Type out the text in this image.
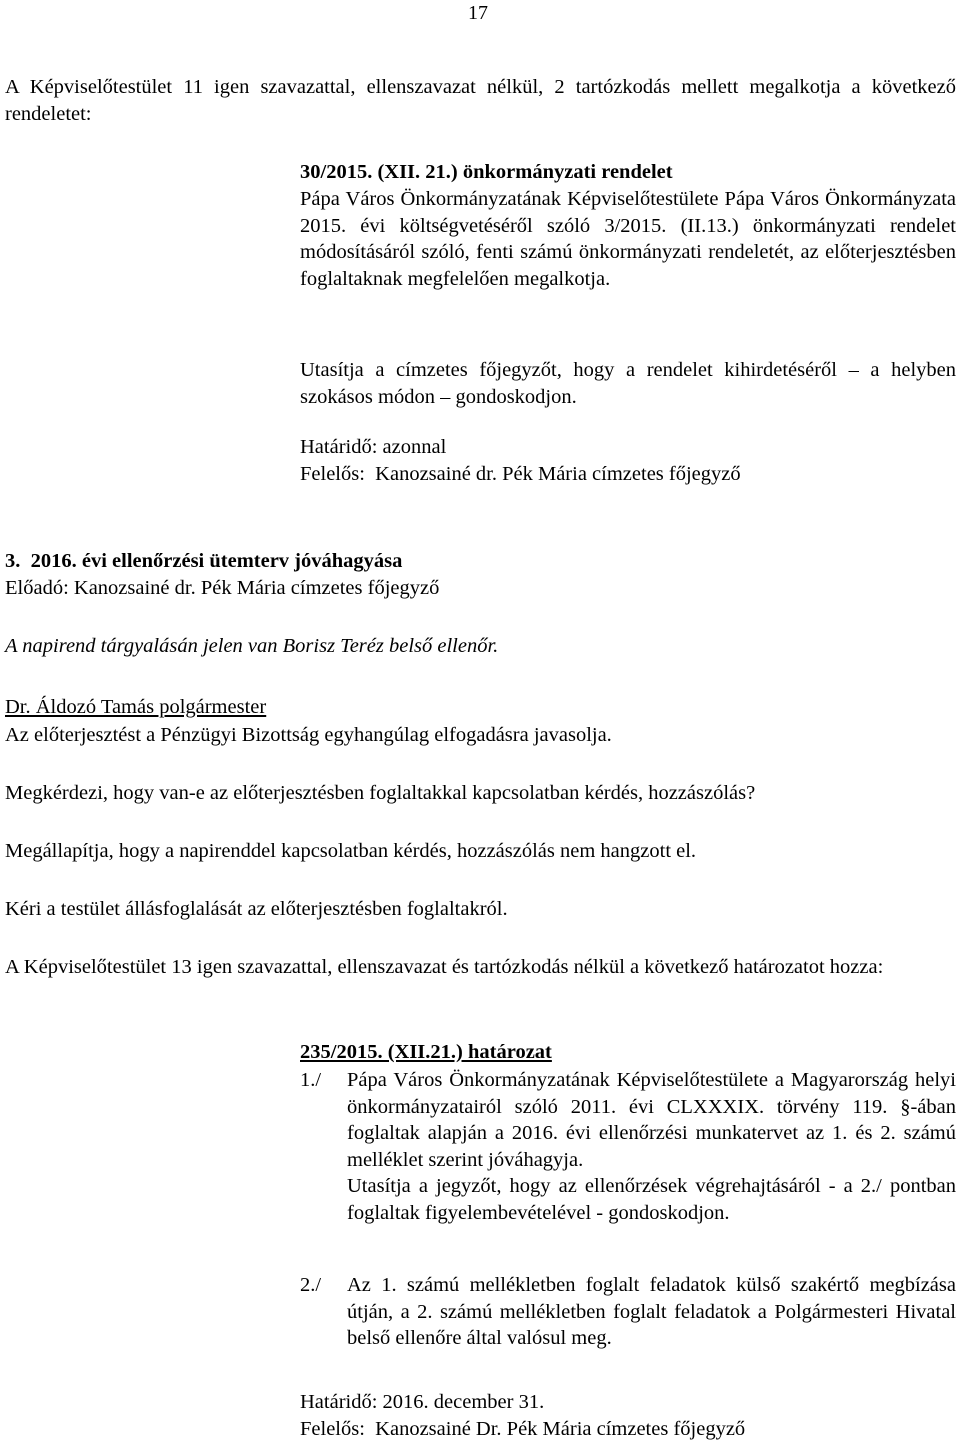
17

A Képviselőtestület 11 igen szavazattal, ellenszavazat nélkül, 2 tartózkodás mellett megalkotja a következő rendeletet:

30/2015. (XII. 21.) önkormányzati rendelet

Pápa Város Önkormányzatának Képviselőtestülete Pápa Város Önkormányzata 2015. évi költségvetéséről szóló 3/2015. (II.13.) önkormányzati rendelet módosításáról szóló, fenti számú önkormányzati rendeletét, az előterjesztésben foglaltaknak megfelelően megalkotja.

Utasítja a címzetes főjegyzőt, hogy a rendelet kihirdetéséről – a helyben szokásos módon – gondoskodjon.

Határidő: azonnal
Felelős:  Kanozsainé dr. Pék Mária címzetes főjegyző
3.  2016. évi ellenőrzési ütemterv jóváhagyása
Előadó: Kanozsainé dr. Pék Mária címzetes főjegyző
A napirend tárgyalásán jelen van Borisz Teréz belső ellenőr.
Dr. Áldozó Tamás polgármester

Az előterjesztést a Pénzügyi Bizottság egyhangúlag elfogadásra javasolja.

Megkérdezi, hogy van-e az előterjesztésben foglaltakkal kapcsolatban kérdés, hozzászólás?

Megállapítja, hogy a napirenddel kapcsolatban kérdés, hozzászólás nem hangzott el.

Kéri a testület állásfoglalását az előterjesztésben foglaltakról.

A Képviselőtestület 13 igen szavazattal, ellenszavazat és tartózkodás nélkül a következő határozatot hozza:

235/2015. (XII.21.) határozat
1./ Pápa Város Önkormányzatának Képviselőtestülete a Magyarország helyi önkormányzatairól szóló 2011. évi CLXXXIX. törvény 119. §-ában foglaltak alapján a 2016. évi ellenőrzési munkatervet az 1. és 2. számú melléklet szerint jóváhagyja.

Utasítja a jegyzőt, hogy az ellenőrzések végrehajtásáról - a 2./ pontban foglaltak figyelembevételével - gondoskodjon.

2./ Az 1. számú mellékletben foglalt feladatok külső szakértő megbízása útján, a 2. számú mellékletben foglalt feladatok a Polgármesteri Hivatal belső ellenőre által valósul meg.

Határidő: 2016. december 31.
Felelős:  Kanozsainé Dr. Pék Mária címzetes főjegyző
